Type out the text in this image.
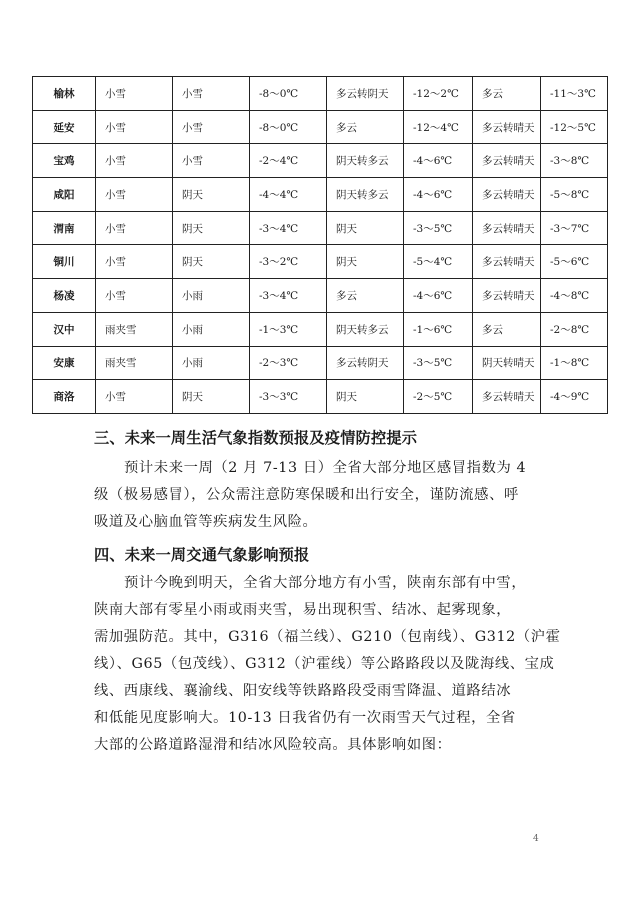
榆林	小雪	小雪	-8～0℃	多云转阴天	-12～2℃	多云	-11～3℃
延安	小雪	小雪	-8～0℃	多云	-12～4℃	多云转晴天	-12～5℃
宝鸡	小雪	小雪	-2～4℃	阴天转多云	-4～6℃	多云转晴天	-3～8℃
咸阳	小雪	阴天	-4～4℃	阴天转多云	-4～6℃	多云转晴天	-5～8℃
渭南	小雪	阴天	-3～4℃	阴天	-3～5℃	多云转晴天	-3～7℃
铜川	小雪	阴天	-3～2℃	阴天	-5～4℃	多云转晴天	-5～6℃
杨凌	小雪	小雨	-3～4℃	多云	-4～6℃	多云转晴天	-4～8℃
汉中	雨夹雪	小雨	-1～3℃	阴天转多云	-1～6℃	多云	-2～8℃
安康	雨夹雪	小雨	-2～3℃	多云转阴天	-3～5℃	阴天转晴天	-1～8℃
商洛	小雪	阴天	-3～3℃	阴天	-2～5℃	多云转晴天	-4～9℃
三、未来一周生活气象指数预报及疫情防控提示
预计未来一周（2 月 7-13 日）全省大部分地区感冒指数为 4
级（极易感冒），公众需注意防寒保暖和出行安全，谨防流感、呼
吸道及心脑血管等疾病发生风险。
四、未来一周交通气象影响预报
预计今晚到明天，全省大部分地方有小雪，陕南东部有中雪，
陕南大部有零星小雨或雨夹雪，易出现积雪、结冰、起雾现象，
需加强防范。其中，G316（福兰线）、G210（包南线）、G312（沪霍
线）、G65（包茂线）、G312（沪霍线）等公路路段以及陇海线、宝成
线、西康线、襄渝线、阳安线等铁路路段受雨雪降温、道路结冰
和低能见度影响大。10-13 日我省仍有一次雨雪天气过程，全省
大部的公路道路湿滑和结冰风险较高。具体影响如图：
4
